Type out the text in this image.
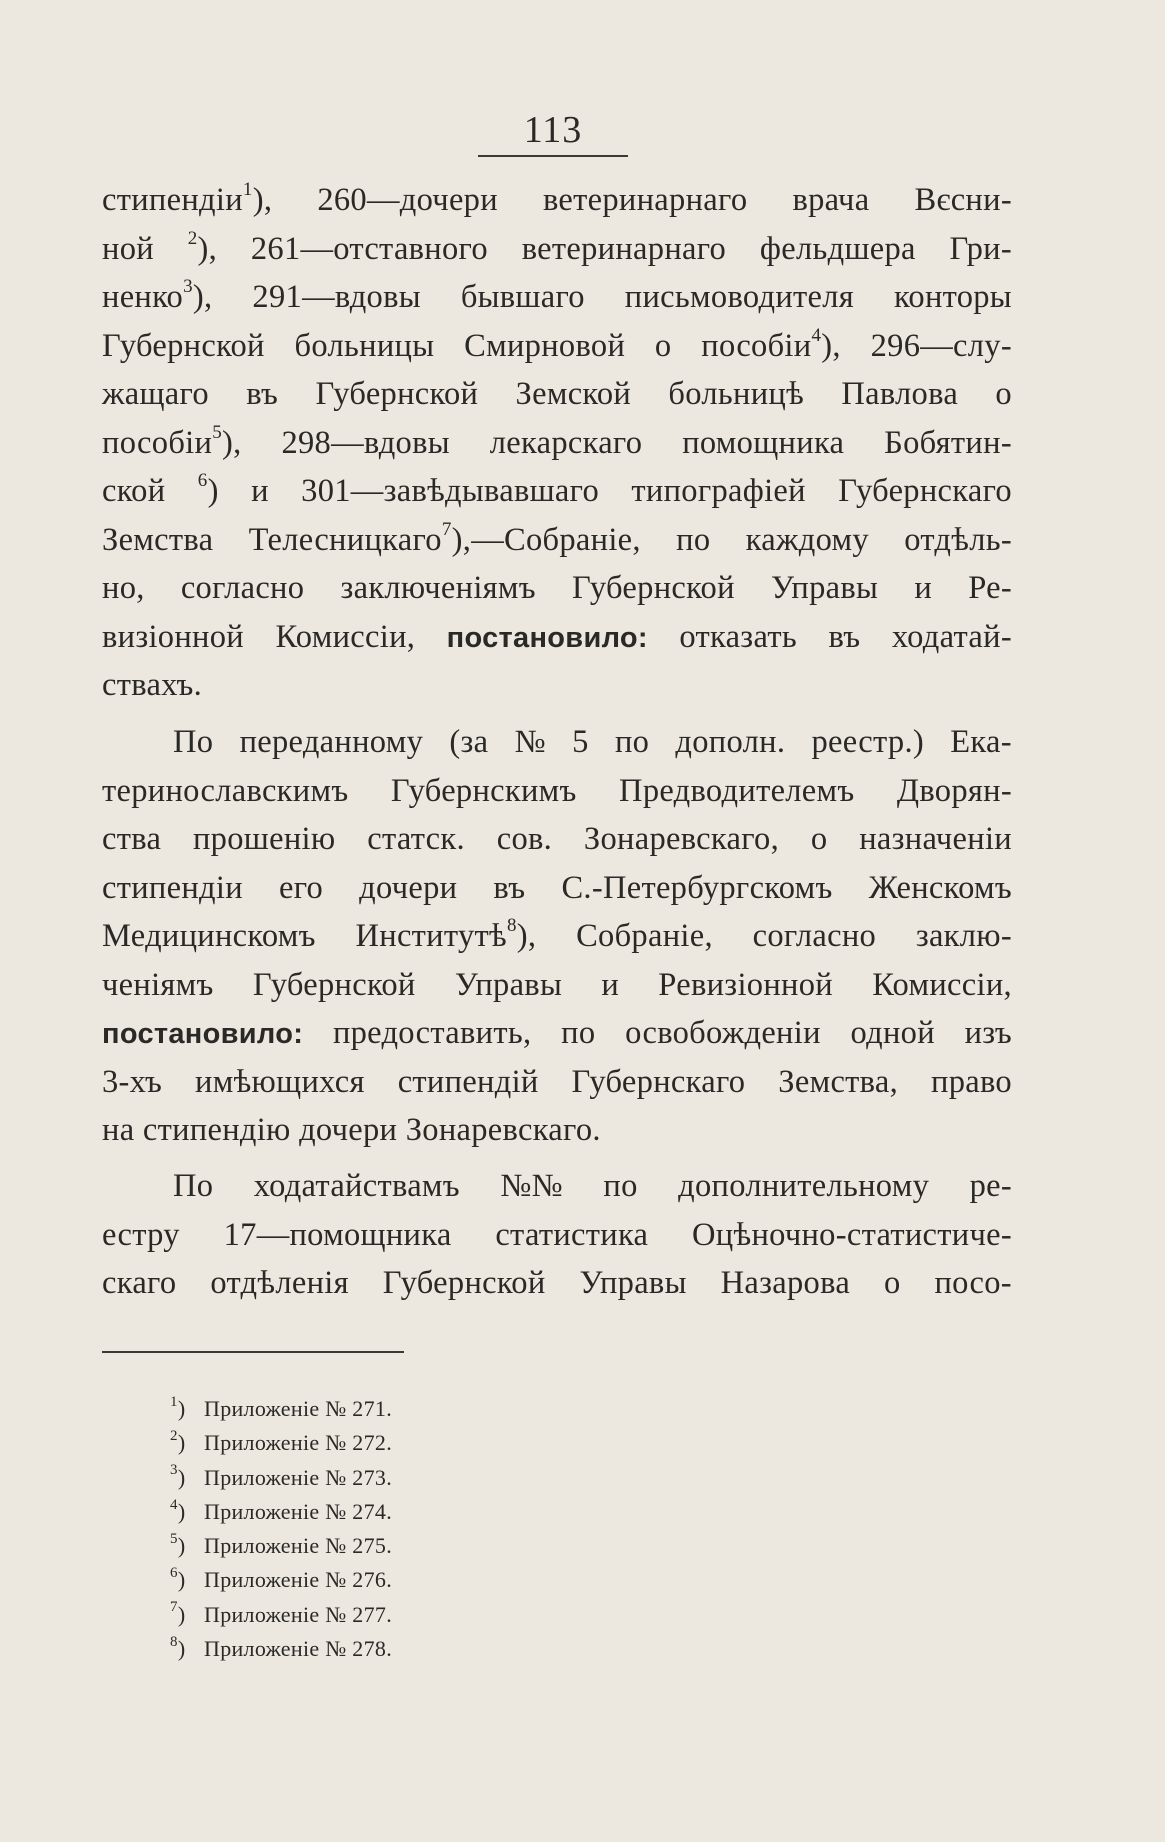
113
стипендіи$^1$), 260—дочери ветеринарнаго врача Вєсни-
ной $^2$), 261—отставного ветеринарнаго фельдшера Гри-
ненко$^3$), 291—вдовы бывшаго письмоводителя конторы
Губернской больницы Смирновой о пособіи$^4$), 296—слу-
жащаго въ Губернской Земской больницѣ Павлова о
пособіи$^5$), 298—вдовы лекарскаго помощника Бобятин-
ской $^6$) и 301—завѣдывавшаго типографіей Губернскаго
Земства Телесницкаго$^7$),—Собраніе, по каждому отдѣль-
но, согласно заключеніямъ Губернской Управы и Ре-
визіонной Комиссіи, постановило: отказать въ ходатай-
ствахъ.
По переданному (за № 5 по дополн. реестр.) Ека-
теринославскимъ Губернскимъ Предводителемъ Дворян-
ства прошенію статск. сов. Зонаревскаго, о назначеніи
стипендіи его дочери въ С.-Петербургскомъ Женскомъ
Медицинскомъ Институтѣ$^8$), Собраніе, согласно заклю-
ченіямъ Губернской Управы и Ревизіонной Комиссіи,
постановило: предоставить, по освобожденіи одной изъ
3-хъ имѣющихся стипендій Губернскаго Земства, право
на стипендію дочери Зонаревскаго.
По ходатайствамъ №№ по дополнительному ре-
естру 17—помощника статистика Оцѣночно-статистиче-
скаго отдѣленія Губернской Управы Назарова о посо-
$^1$) Приложеніе № 271.
$^2$) Приложеніе № 272.
$^3$) Приложеніе № 273.
$^4$) Приложеніе № 274.
$^5$) Приложеніе № 275.
$^6$) Приложеніе № 276.
$^7$) Приложеніе № 277.
$^8$) Приложеніе № 278.
